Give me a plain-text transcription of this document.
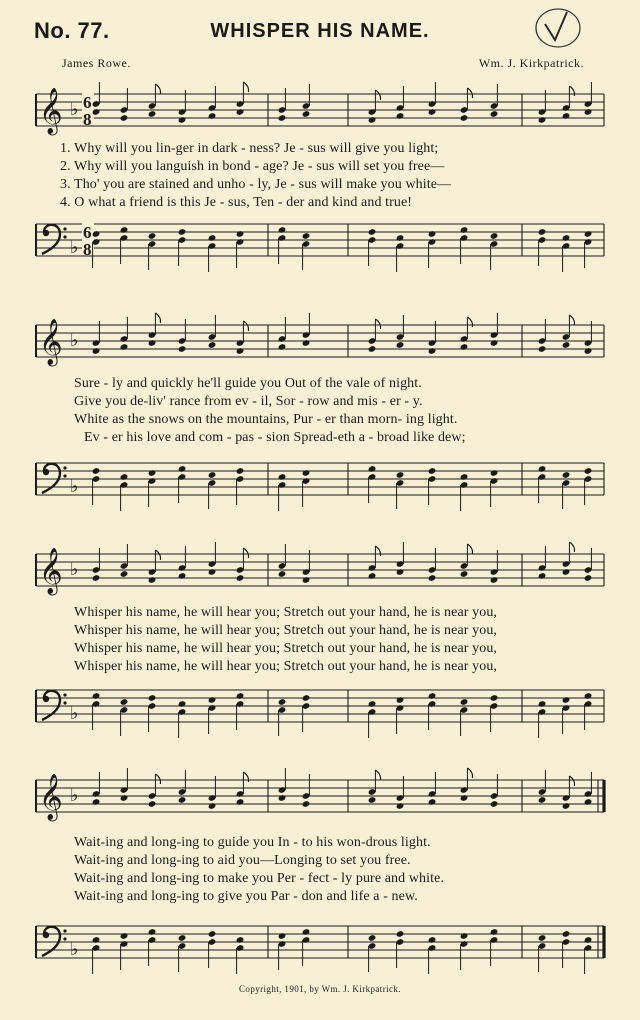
No. 77.	WHISPER HIS NAME.
James Rowe.	Wm. J. Kirkpatrick.
𝄞 ♭ 6
8
♭
6
8
1. Why will you lin-ger in dark - ness? Je - sus will give you light;
2. Why will you languish in bond - age? Je - sus will set you free—
3. Tho' you are stained and unho - ly, Je - sus will make you white—
4. O what a friend is this Je - sus, Ten - der and kind and true!
𝄞 ♭
♭
Sure - ly and quickly he'll guide you Out of the vale of night.
Give you de-liv' rance from ev - il, Sor - row and mis - er - y.
White as the snows on the mountains, Pur - er than morn- ing light.
Ev - er his love and com - pas - sion Spread-eth a - broad like dew;
𝄞 ♭
♭
Whisper his name, he will hear you; Stretch out your hand, he is near you,
Whisper his name, he will hear you; Stretch out your hand, he is near you,
Whisper his name, he will hear you; Stretch out your hand, he is near you,
Whisper his name, he will hear you; Stretch out your hand, he is near you,
𝄞 ♭
♭
Wait-ing and long-ing to guide you In - to his won-drous light.
Wait-ing and long-ing to aid you—Longing to set you free.
Wait-ing and long-ing to make you Per - fect - ly pure and white.
Wait-ing and long-ing to give you Par - don and life a - new.
Copyright, 1901, by Wm. J. Kirkpatrick.
